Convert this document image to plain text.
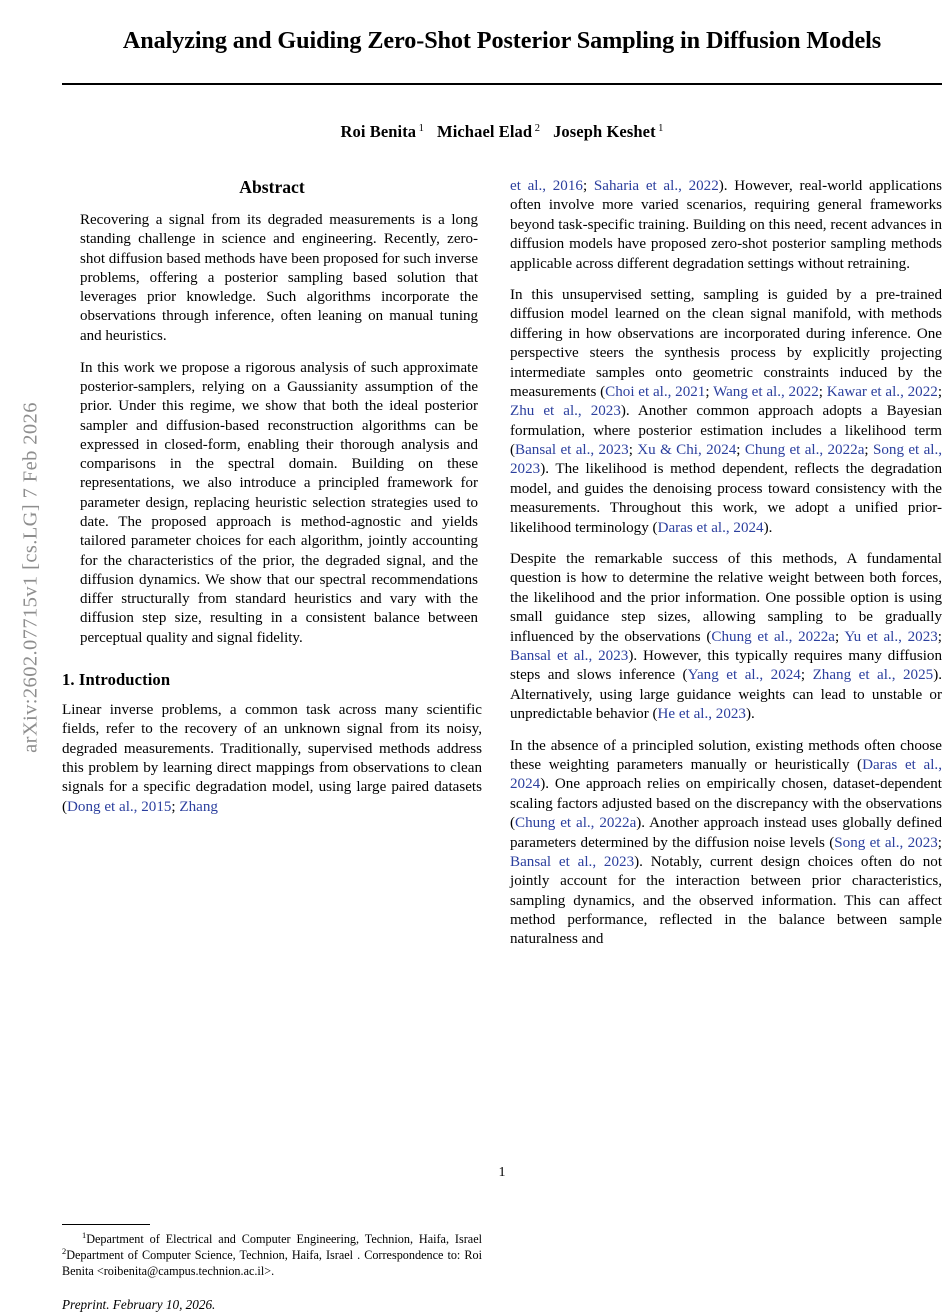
arXiv:2602.07715v1 [cs.LG] 7 Feb 2026
Analyzing and Guiding Zero-Shot Posterior Sampling in Diffusion Models
Roi Benita $^1$ Michael Elad $^2$ Joseph Keshet $^1$
Abstract

Recovering a signal from its degraded measurements is a long standing challenge in science and engineering. Recently, zero-shot diffusion based methods have been proposed for such inverse problems, offering a posterior sampling based solution that leverages prior knowledge. Such algorithms incorporate the observations through inference, often leaning on manual tuning and heuristics.

In this work we propose a rigorous analysis of such approximate posterior-samplers, relying on a Gaussianity assumption of the prior. Under this regime, we show that both the ideal posterior sampler and diffusion-based reconstruction algorithms can be expressed in closed-form, enabling their thorough analysis and comparisons in the spectral domain. Building on these representations, we also introduce a principled framework for parameter design, replacing heuristic selection strategies used to date. The proposed approach is method-agnostic and yields tailored parameter choices for each algorithm, jointly accounting for the characteristics of the prior, the degraded signal, and the diffusion dynamics. We show that our spectral recommendations differ structurally from standard heuristics and vary with the diffusion step size, resulting in a consistent balance between perceptual quality and signal fidelity.

1. Introduction

Linear inverse problems, a common task across many scientific fields, refer to the recovery of an unknown signal from its noisy, degraded measurements. Traditionally, supervised methods address this problem by learning direct mappings from observations to clean signals for a specific degradation model, using large paired datasets (Dong et al., 2015; Zhang

$^1$Department of Electrical and Computer Engineering, Technion, Haifa, Israel $^2$Department of Computer Science, Technion, Haifa, Israel . Correspondence to: Roi Benita <roibenita@campus.technion.ac.il>.

Preprint. February 10, 2026.

et al., 2016; Saharia et al., 2022). However, real-world applications often involve more varied scenarios, requiring general frameworks beyond task-specific training. Building on this need, recent advances in diffusion models have proposed zero-shot posterior sampling methods applicable across different degradation settings without retraining.

In this unsupervised setting, sampling is guided by a pre-trained diffusion model learned on the clean signal manifold, with methods differing in how observations are incorporated during inference. One perspective steers the synthesis process by explicitly projecting intermediate samples onto geometric constraints induced by the measurements (Choi et al., 2021; Wang et al., 2022; Kawar et al., 2022; Zhu et al., 2023). Another common approach adopts a Bayesian formulation, where posterior estimation includes a likelihood term (Bansal et al., 2023; Xu & Chi, 2024; Chung et al., 2022a; Song et al., 2023). The likelihood is method dependent, reflects the degradation model, and guides the denoising process toward consistency with the measurements. Throughout this work, we adopt a unified prior-likelihood terminology (Daras et al., 2024).

Despite the remarkable success of this methods, A fundamental question is how to determine the relative weight between both forces, the likelihood and the prior information. One possible option is using small guidance step sizes, allowing sampling to be gradually influenced by the observations (Chung et al., 2022a; Yu et al., 2023; Bansal et al., 2023). However, this typically requires many diffusion steps and slows inference (Yang et al., 2024; Zhang et al., 2025). Alternatively, using large guidance weights can lead to unstable or unpredictable behavior (He et al., 2023).

In the absence of a principled solution, existing methods often choose these weighting parameters manually or heuristically (Daras et al., 2024). One approach relies on empirically chosen, dataset-dependent scaling factors adjusted based on the discrepancy with the observations (Chung et al., 2022a). Another approach instead uses globally defined parameters determined by the diffusion noise levels (Song et al., 2023; Bansal et al., 2023). Notably, current design choices often do not jointly account for the interaction between prior characteristics, sampling dynamics, and the observed information. This can affect method performance, reflected in the balance between sample naturalness and

1
